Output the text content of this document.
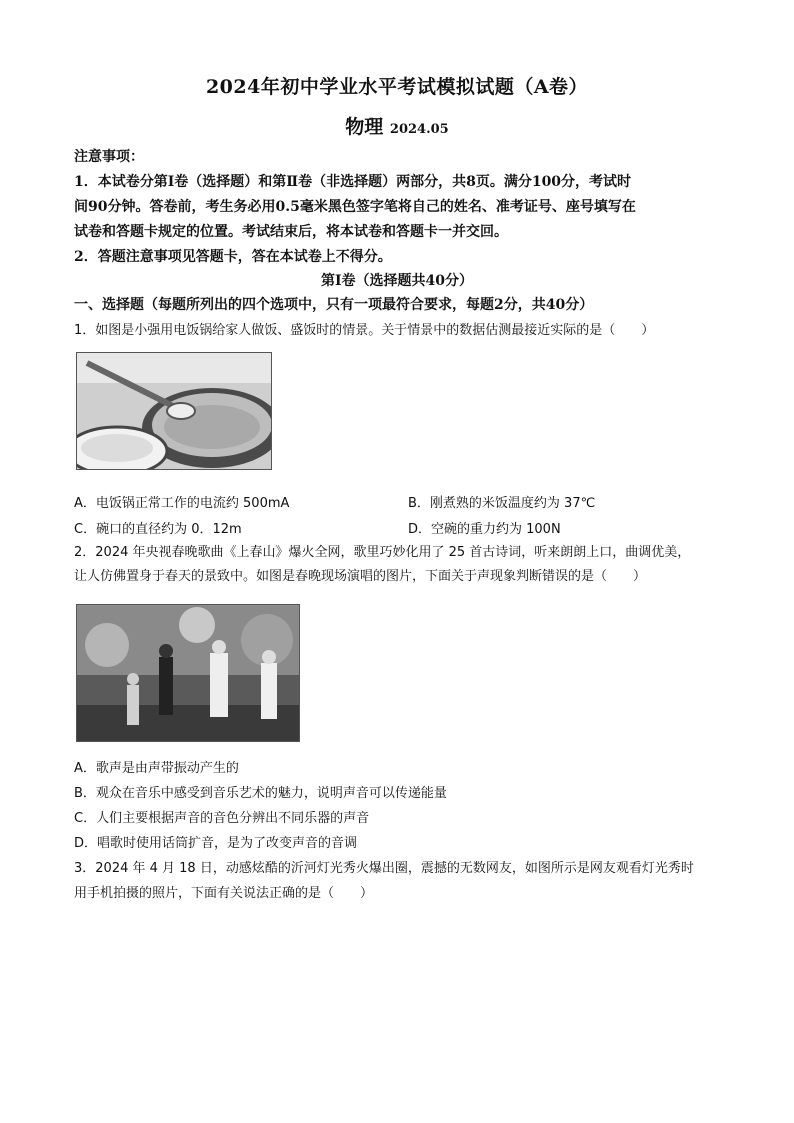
2024年初中学业水平考试模拟试题（A卷）
物理 2024.05
注意事项：
1．本试卷分第Ⅰ卷（选择题）和第Ⅱ卷（非选择题）两部分，共8页。满分100分，考试时
间90分钟。答卷前，考生务必用0.5毫米黑色签字笔将自己的姓名、准考证号、座号填写在
试卷和答题卡规定的位置。考试结束后，将本试卷和答题卡一并交回。
2．答题注意事项见答题卡，答在本试卷上不得分。
第Ⅰ卷（选择题共40分）
一、选择题（每题所列出的四个选项中，只有一项最符合要求，每题2分，共40分）
1．如图是小强用电饭锅给家人做饭、盛饭时的情景。关于情景中的数据估测最接近实际的是（　　）
A．电饭锅正常工作的电流约 500mA	B．刚煮熟的米饭温度约为 37℃
C．碗口的直径约为 0．12m	D．空碗的重力约为 100N
2．2024 年央视春晚歌曲《上春山》爆火全网，歌里巧妙化用了 25 首古诗词，听来朗朗上口，曲调优美，
让人仿佛置身于春天的景致中。如图是春晚现场演唱的图片，下面关于声现象判断错误的是（　　）
A．歌声是由声带振动产生的
B．观众在音乐中感受到音乐艺术的魅力，说明声音可以传递能量
C．人们主要根据声音的音色分辨出不同乐器的声音
D．唱歌时使用话筒扩音，是为了改变声音的音调
3．2024 年 4 月 18 日，动感炫酷的沂河灯光秀火爆出圈，震撼的无数网友，如图所示是网友观看灯光秀时
用手机拍摄的照片，下面有关说法正确的是（　　）
